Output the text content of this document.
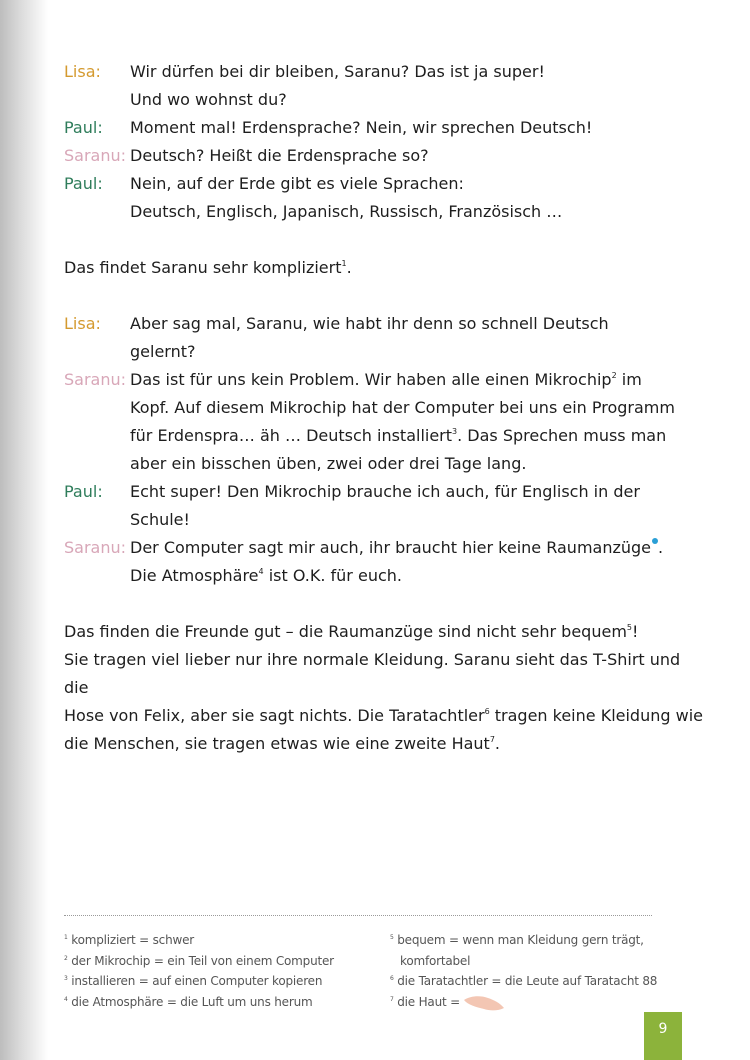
Lisa:	Wir dürfen bei dir bleiben, Saranu? Das ist ja super!
Und wo wohnst du?
Paul:	Moment mal! Erdensprache? Nein, wir sprechen Deutsch!
Saranu: Deutsch? Heißt die Erdensprache so?
Paul:	Nein, auf der Erde gibt es viele Sprachen:
Deutsch, Englisch, Japanisch, Russisch, Französisch …

Das findet Saranu sehr kompliziert$^1$.

Lisa:	Aber sag mal, Saranu, wie habt ihr denn so schnell Deutsch
gelernt?
Saranu: Das ist für uns kein Problem. Wir haben alle einen Mikrochip$^2$ im
Kopf. Auf diesem Mikrochip hat der Computer bei uns ein Programm
für Erdenspra… äh … Deutsch installiert$^3$. Das Sprechen muss man
aber ein bisschen üben, zwei oder drei Tage lang.
Paul:	Echt super! Den Mikrochip brauche ich auch, für Englisch in der
Schule!
Saranu: Der Computer sagt mir auch, ihr braucht hier keine Raumanzüge .
Die Atmosphäre$^4$ ist O.K. für euch.

Das finden die Freunde gut – die Raumanzüge sind nicht sehr bequem$^5$!
Sie tragen viel lieber nur ihre normale Kleidung. Saranu sieht das T-Shirt und die
Hose von Felix, aber sie sagt nichts. Die Taratachtler$^6$ tragen keine Kleidung wie
die Menschen, sie tragen etwas wie eine zweite Haut$^7$.

$^1$ kompliziert = schwer
$^2$ der Mikrochip = ein Teil von einem Computer
$^3$ installieren = auf einen Computer kopieren
$^4$ die Atmosphäre = die Luft um uns herum
$^5$ bequem = wenn man Kleidung gern trägt,
komfortabel
$^6$ die Taratachtler = die Leute auf Taratacht 88
$^7$ die Haut =
9
